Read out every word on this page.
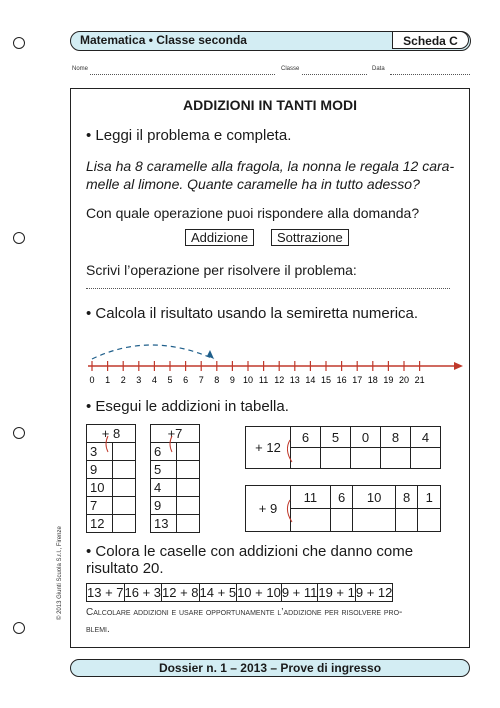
Matematica • Classe seconda	Scheda C
Nome	Classe	Data
ADDIZIONI IN TANTI MODI
• Leggi il problema e completa.
Lisa ha 8 caramelle alla fragola, la nonna le regala 12 cara-
melle al limone. Quante caramelle ha in tutto adesso?
Con quale operazione puoi rispondere alla domanda?
Addizione	Sottrazione
Scrivi l’operazione per risolvere il problema:
• Calcola il risultato usando la semiretta numerica.
0 1 2 3 4 5 6 7 8 9 10 11 12 13 14 15 16 17 18 19 20 21
• Esegui le addizioni in tabella.
+ 8	
3	
9	
10	
7	
12	
+7	
6	
5	
4	
9	
13	
+ 12	6	5	0	8	4

+ 9	11	6	10	8	1

• Colora le caselle con addizioni che danno come
risultato 20.
13 + 7	16 + 3	12 + 8	14 + 5	10 + 10	9 + 11	19 + 1	9 + 12
Calcolare addizioni e usare opportunamente l’addizione per risolvere pro-
blemi.
© 2013 Giunti Scuola S.r.l., Firenze
Dossier n. 1 – 2013 – Prove di ingresso
